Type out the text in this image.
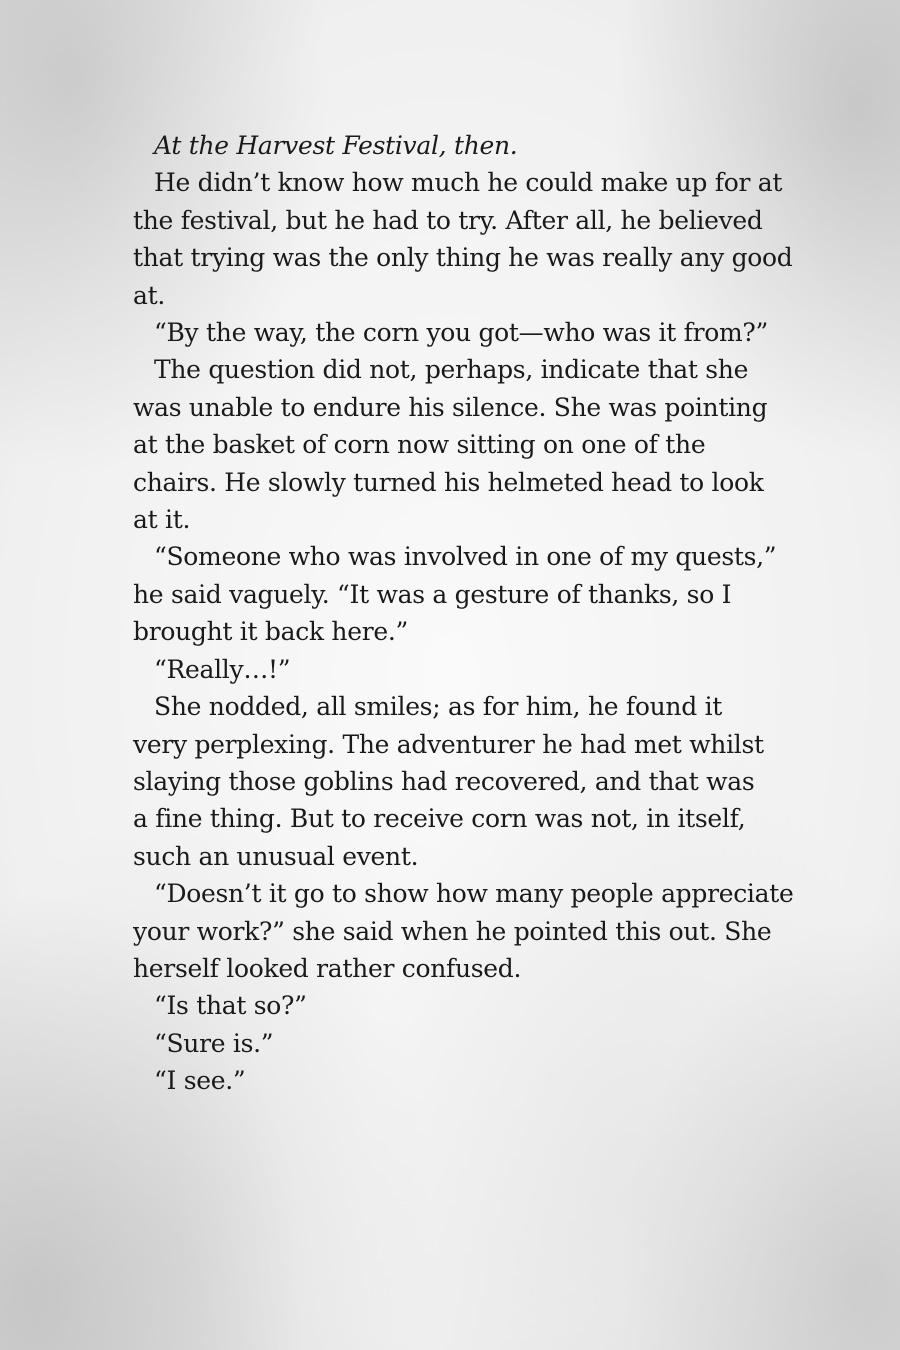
At the Harvest Festival, then.
He didn’t know how much he could make up for at
the festival, but he had to try. After all, he believed
that trying was the only thing he was really any good
at.
“By the way, the corn you got—who was it from?”
The question did not, perhaps, indicate that she
was unable to endure his silence. She was pointing
at the basket of corn now sitting on one of the
chairs. He slowly turned his helmeted head to look
at it.
“Someone who was involved in one of my quests,”
he said vaguely. “It was a gesture of thanks, so I
brought it back here.”
“Really…!”
She nodded, all smiles; as for him, he found it
very perplexing. The adventurer he had met whilst
slaying those goblins had recovered, and that was
a fine thing. But to receive corn was not, in itself,
such an unusual event.
“Doesn’t it go to show how many people appreciate
your work?” she said when he pointed this out. She
herself looked rather confused.
“Is that so?”
“Sure is.”
“I see.”
